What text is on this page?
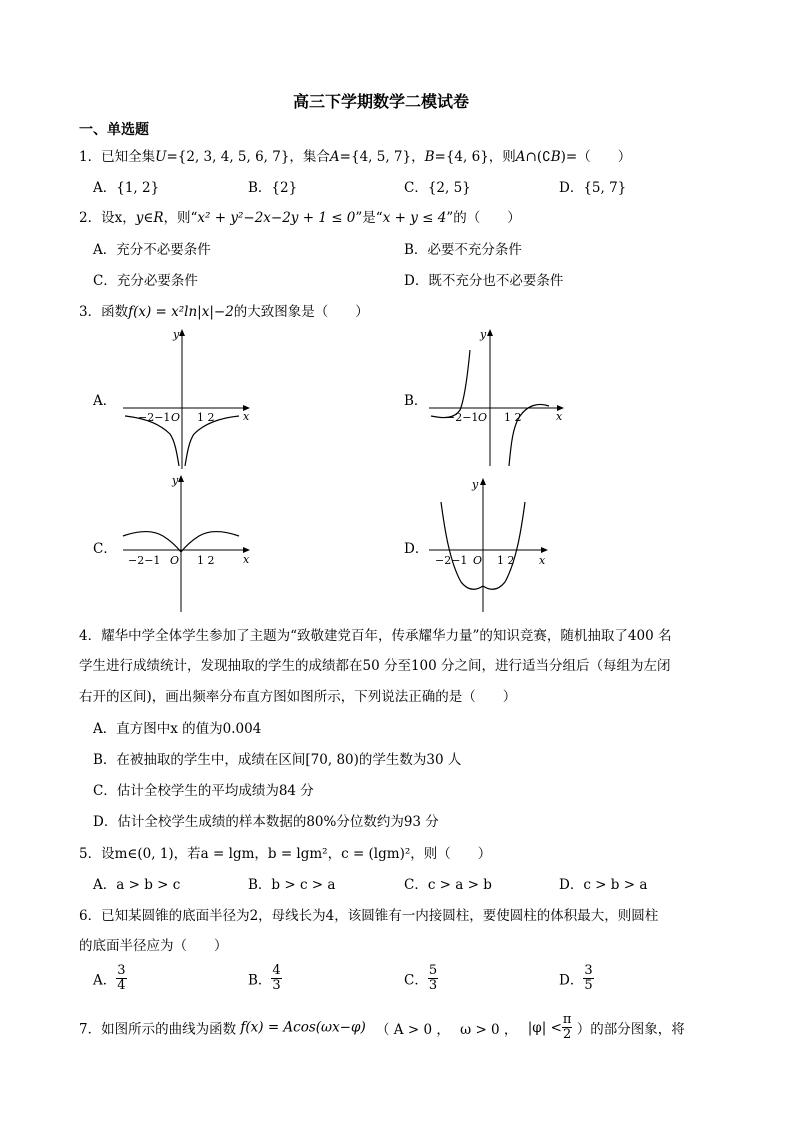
高三下学期数学二模试卷
一、单选题
1．已知全集U={2, 3, 4, 5, 6, 7}，集合A={4, 5, 7}，B={4, 6}，则A∩(∁B)=（　　）
A．{1, 2}	B．{2}	C．{2, 5}	D．{5, 7}
2．设x，y∈R，则“x² + y²−2x−2y + 1 ≤ 0”是“x + y ≤ 4”的（　　）
A．充分不必要条件	B．必要不充分条件
C．充分必要条件	D．既不充分也不必要条件
3．函数f(x) = x²ln|x|−2的大致图象是（　　）
A．
y
x
−2−1 O 1 2
B．
y
x
−2−1 O 1 2
C．
y
x
−2−1 O 1 2
D．
y
x
−2−1 O 1 2
4．耀华中学全体学生参加了主题为“致敬建党百年，传承耀华力量”的知识竞赛，随机抽取了400 名
学生进行成绩统计，发现抽取的学生的成绩都在50 分至100 分之间，进行适当分组后（每组为左闭
右开的区间)，画出频率分布直方图如图所示，下列说法正确的是（　　）
A．直方图中x 的值为0.004
B．在被抽取的学生中，成绩在区间[70, 80)的学生数为30 人
C．估计全校学生的平均成绩为84 分
D．估计全校学生成绩的样本数据的80%分位数约为93 分
5．设m∈(0, 1)，若a = lgm，b = lgm²，c = (lgm)²，则（　　）
A．a > b > c	B．b > c > a	C．c > a > b	D．c > b > a
6．已知某圆锥的底面半径为2，母线长为4，该圆锥有一内接圆柱，要使圆柱的体积最大，则圆柱
的底面半径应为（　　）
A． $\frac{3}{4}$	B． $\frac{4}{3}$	C． $\frac{5}{3}$	D． $\frac{3}{5}$
7．如图所示的曲线为函数 f(x) = Acos(ωx−φ) （ A > 0 ， ω > 0 ， $|\varphi| < \frac{\pi}{2}$ ）的部分图象，将
